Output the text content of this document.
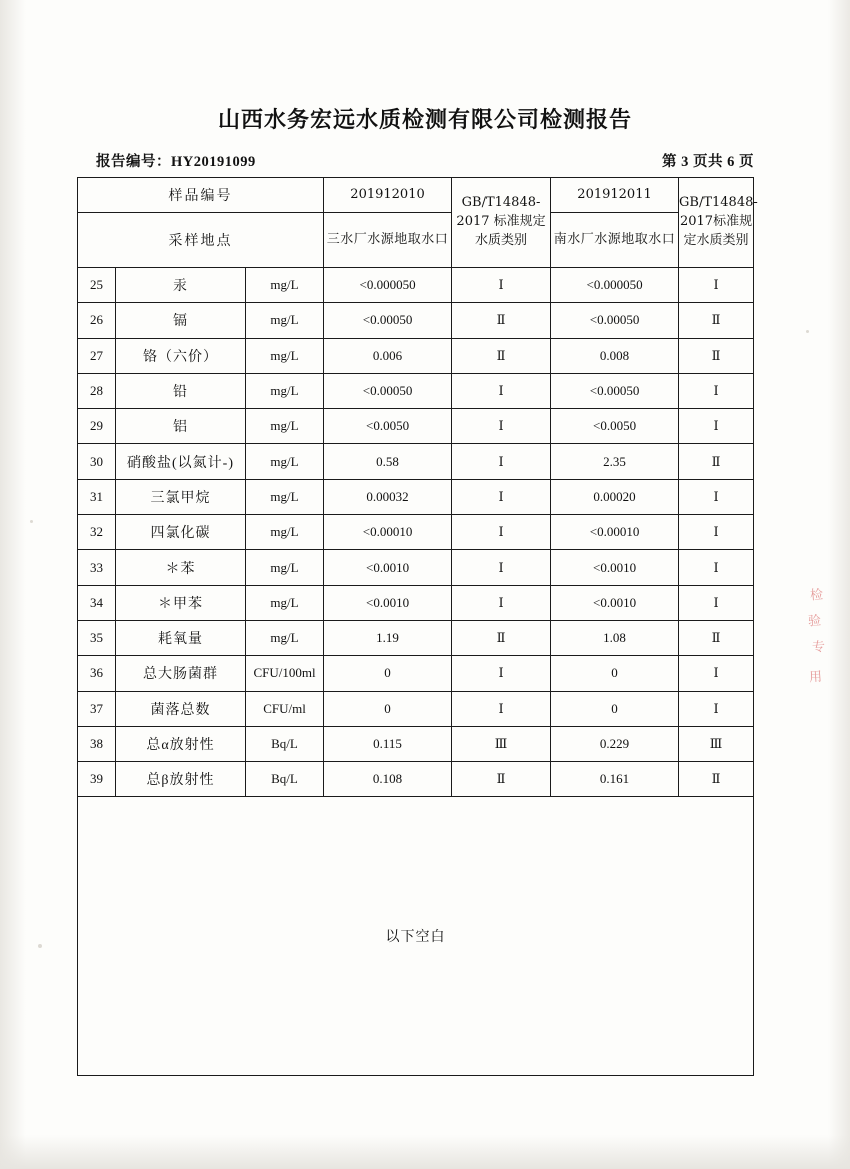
山西水务宏远水质检测有限公司检测报告
报告编号：HY20191099	第 3 页共 6 页
样品编号			201912010	GB/T14848-2017 标准规定水质类别	201912011	GB/T14848-2017标准规定水质类别
采样地点			三水厂水源地取水口		南水厂水源地取水口	
25	汞	mg/L	<0.000050	Ⅰ	<0.000050	Ⅰ
26	镉	mg/L	<0.00050	Ⅱ	<0.00050	Ⅱ
27	铬（六价）	mg/L	0.006	Ⅱ	0.008	Ⅱ
28	铅	mg/L	<0.00050	Ⅰ	<0.00050	Ⅰ
29	铝	mg/L	<0.0050	Ⅰ	<0.0050	Ⅰ
30	硝酸盐(以氮计-)	mg/L	0.58	Ⅰ	2.35	Ⅱ
31	三氯甲烷	mg/L	0.00032	Ⅰ	0.00020	Ⅰ
32	四氯化碳	mg/L	<0.00010	Ⅰ	<0.00010	Ⅰ
33	＊苯	mg/L	<0.0010	Ⅰ	<0.0010	Ⅰ
34	＊甲苯	mg/L	<0.0010	Ⅰ	<0.0010	Ⅰ
35	耗氧量	mg/L	1.19	Ⅱ	1.08	Ⅱ
36	总大肠菌群	CFU/100ml	0	Ⅰ	0	Ⅰ
37	菌落总数	CFU/ml	0	Ⅰ	0	Ⅰ
38	总α放射性	Bq/L	0.115	Ⅲ	0.229	Ⅲ
39	总β放射性	Bq/L	0.108	Ⅱ	0.161	Ⅱ
以下空白						
检
验
专
用
